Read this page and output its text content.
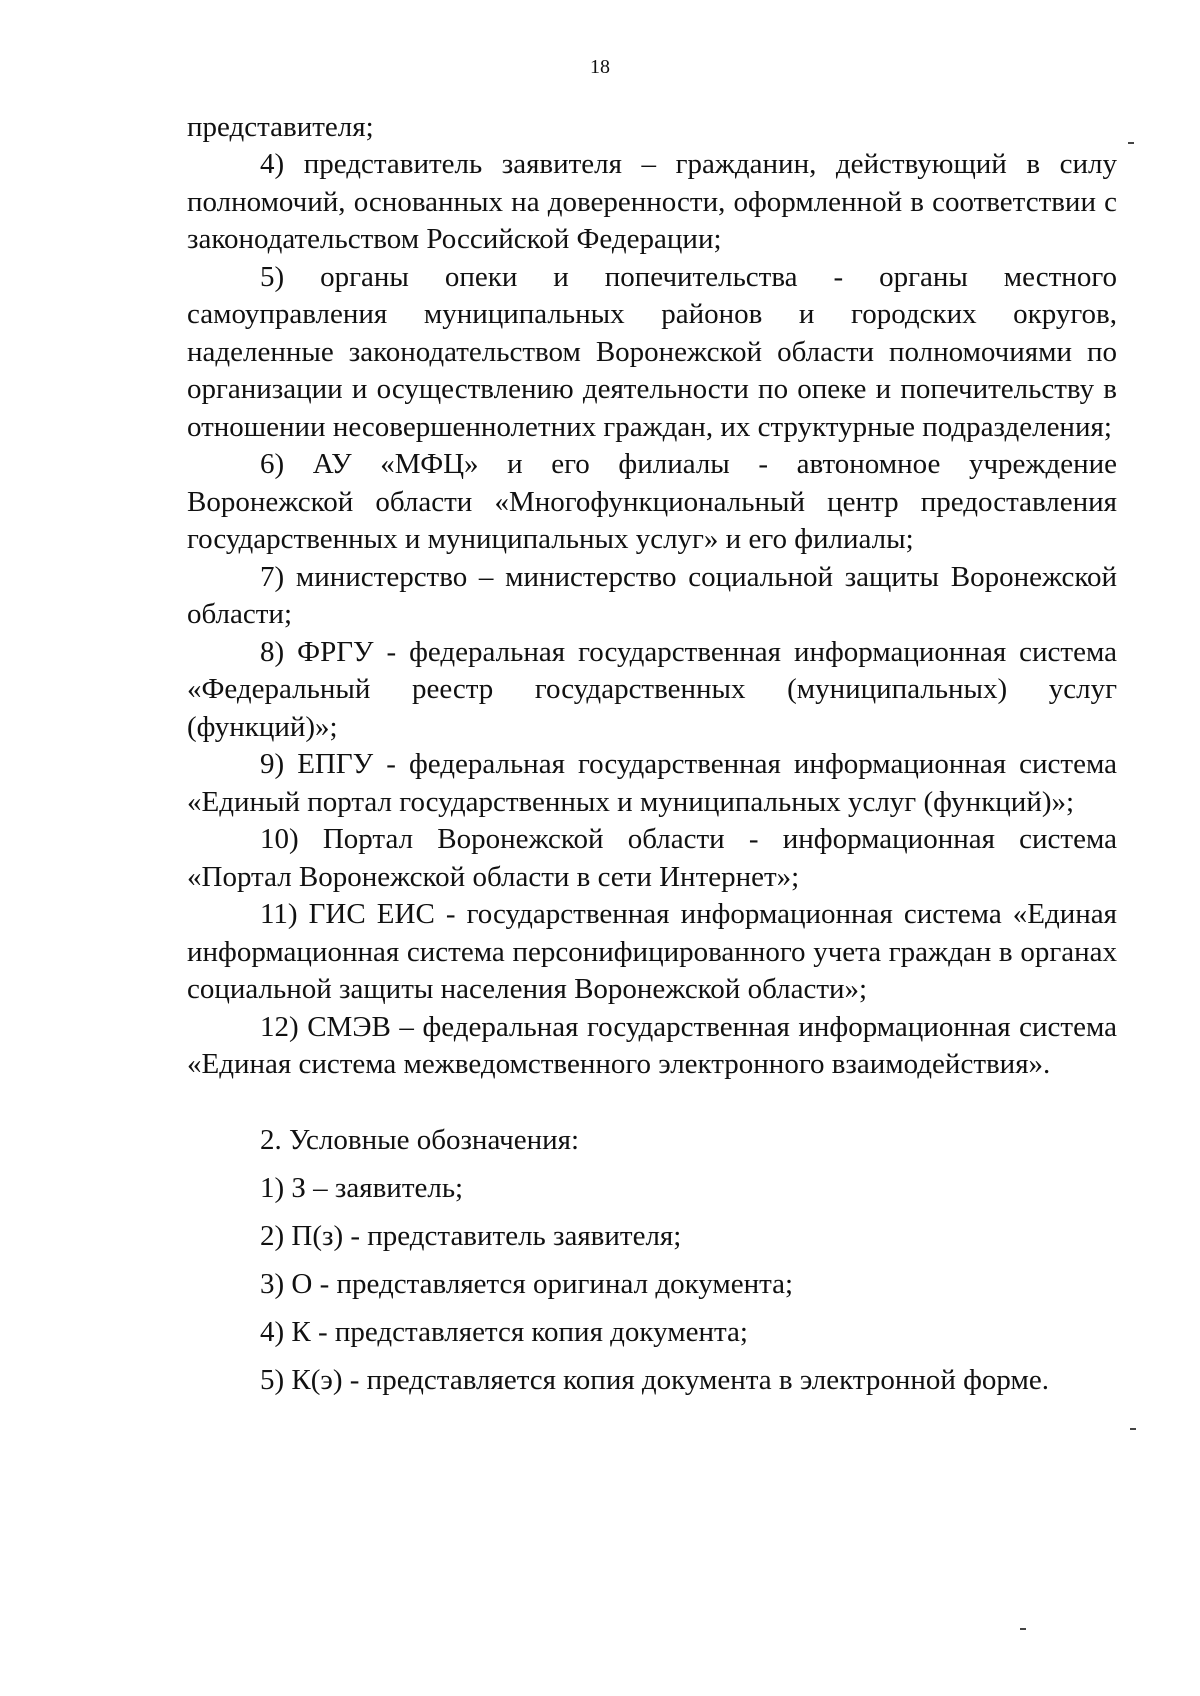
18

представителя;

4) представитель заявителя – гражданин, действующий в силу полномочий, основанных на доверенности, оформленной в соответствии с законодательством Российской Федерации;

5) органы опеки и попечительства - органы местного самоуправления муниципальных районов и городских округов, наделенные законодательством Воронежской области полномочиями по организации и осуществлению деятельности по опеке и попечительству в отношении несовершеннолетних граждан, их структурные подразделения;

6) АУ «МФЦ» и его филиалы - автономное учреждение Воронежской области «Многофункциональный центр предоставления государственных и муниципальных услуг» и его филиалы;

7) министерство – министерство социальной защиты Воронежской области;

8) ФРГУ - федеральная государственная информационная система «Федеральный реестр государственных (муниципальных) услуг (функций)»;

9) ЕПГУ - федеральная государственная информационная система «Единый портал государственных и муниципальных услуг (функций)»;

10) Портал Воронежской области - информационная система «Портал Воронежской области в сети Интернет»;

11) ГИС ЕИС - государственная информационная система «Единая информационная система персонифицированного учета граждан в органах социальной защиты населения Воронежской области»;

12) СМЭВ – федеральная государственная информационная система «Единая система межведомственного электронного взаимодействия».

2. Условные обозначения:

1) З – заявитель;

2) П(з) - представитель заявителя;

3) О - представляется оригинал документа;

4) К - представляется копия документа;

5) К(э) - представляется копия документа в электронной форме.
